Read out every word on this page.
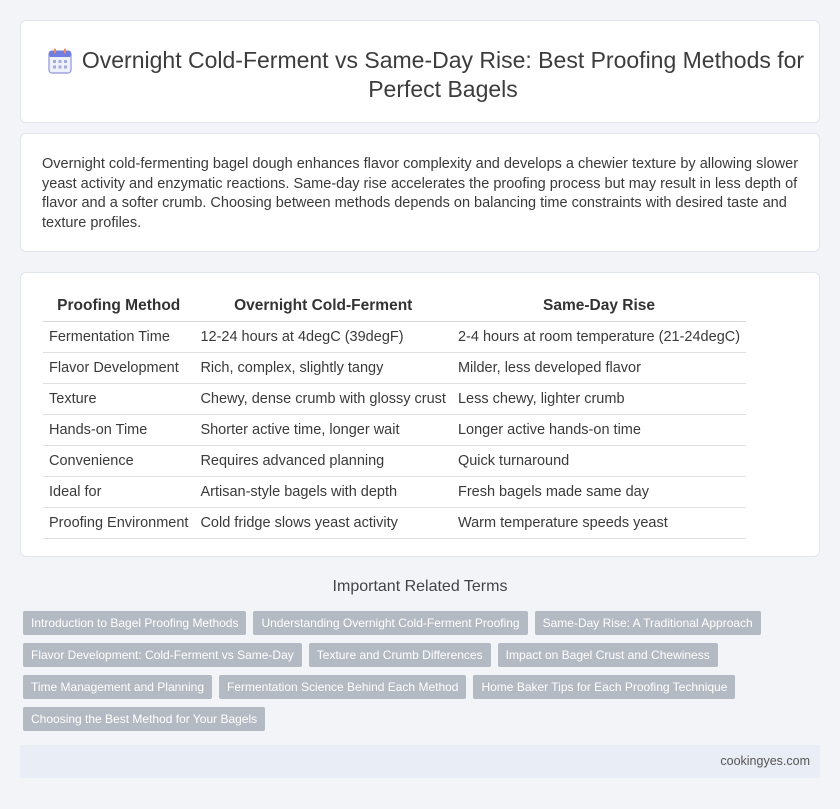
Overnight Cold-Ferment vs Same-Day Rise: Best Proofing Methods for Perfect Bagels

Overnight cold-fermenting bagel dough enhances flavor complexity and develops a chewier texture by allowing slower yeast activity and enzymatic reactions. Same-day rise accelerates the proofing process but may result in less depth of flavor and a softer crumb. Choosing between methods depends on balancing time constraints with desired taste and texture profiles.

Proofing Method	Overnight Cold-Ferment	Same-Day Rise
Fermentation Time	12-24 hours at 4degC (39degF)	2-4 hours at room temperature (21-24degC)
Flavor Development	Rich, complex, slightly tangy	Milder, less developed flavor
Texture	Chewy, dense crumb with glossy crust	Less chewy, lighter crumb
Hands-on Time	Shorter active time, longer wait	Longer active hands-on time
Convenience	Requires advanced planning	Quick turnaround
Ideal for	Artisan-style bagels with depth	Fresh bagels made same day
Proofing Environment	Cold fridge slows yeast activity	Warm temperature speeds yeast
Important Related Terms
Introduction to Bagel Proofing Methods	Understanding Overnight Cold-Ferment Proofing	Same-Day Rise: A Traditional Approach
Flavor Development: Cold-Ferment vs Same-Day	Texture and Crumb Differences	Impact on Bagel Crust and Chewiness
Time Management and Planning	Fermentation Science Behind Each Method	Home Baker Tips for Each Proofing Technique
Choosing the Best Method for Your Bagels
cookingyes.com
